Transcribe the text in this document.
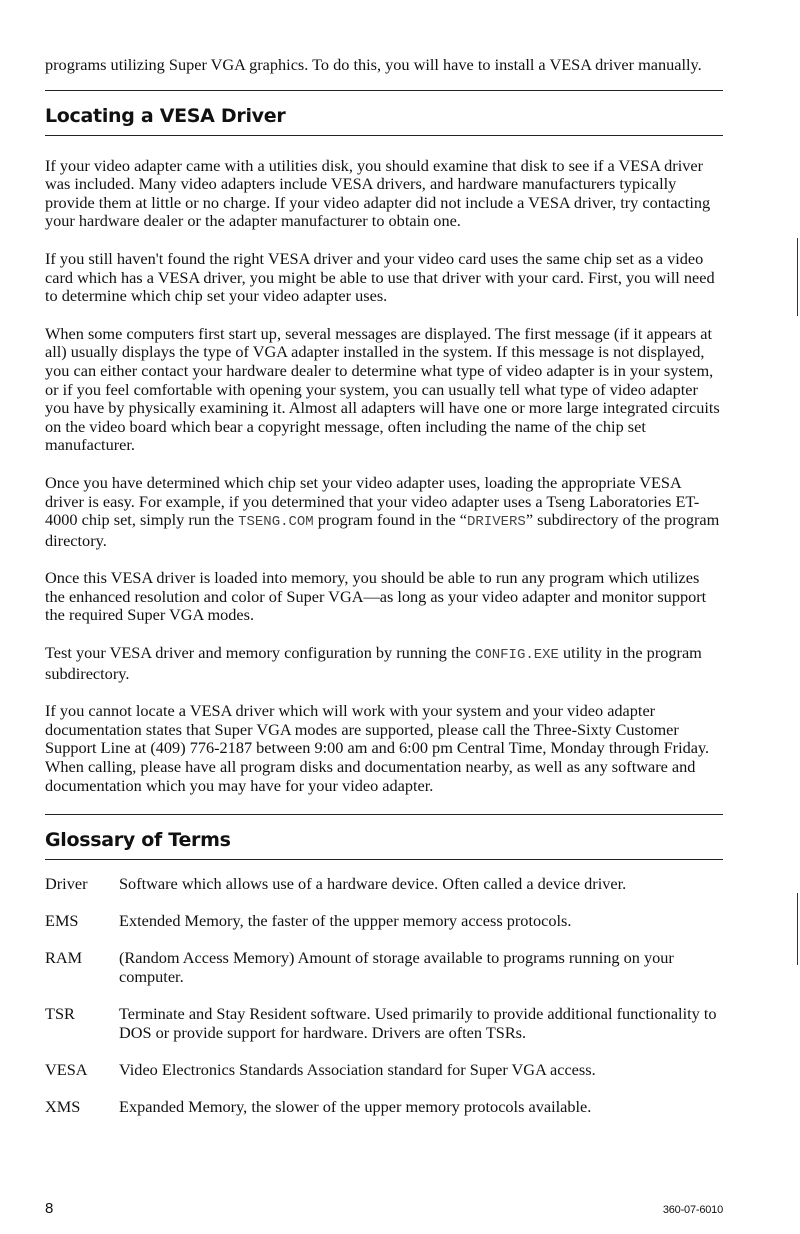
programs utilizing Super VGA graphics. To do this, you will have to install a VESA driver manually.

Locating a VESA Driver

If your video adapter came with a utilities disk, you should examine that disk to see if a VESA driver was included. Many video adapters include VESA drivers, and hardware manufacturers typically provide them at little or no charge. If your video adapter did not include a VESA driver, try contacting your hardware dealer or the adapter manufacturer to obtain one.

If you still haven't found the right VESA driver and your video card uses the same chip set as a video card which has a VESA driver, you might be able to use that driver with your card. First, you will need to determine which chip set your video adapter uses.

When some computers first start up, several messages are displayed. The first message (if it appears at all) usually displays the type of VGA adapter installed in the system. If this message is not displayed, you can either contact your hardware dealer to determine what type of video adapter is in your system, or if you feel comfortable with opening your system, you can usually tell what type of video adapter you have by physically examining it. Almost all adapters will have one or more large integrated circuits on the video board which bear a copyright message, often including the name of the chip set manufacturer.

Once you have determined which chip set your video adapter uses, loading the appropriate VESA driver is easy. For example, if you determined that your video adapter uses a Tseng Laboratories ET-4000 chip set, simply run the TSENG.COM program found in the “DRIVERS” subdirectory of the program directory.

Once this VESA driver is loaded into memory, you should be able to run any program which utilizes the enhanced resolution and color of Super VGA—as long as your video adapter and monitor support the required Super VGA modes.

Test your VESA driver and memory configuration by running the CONFIG.EXE utility in the program subdirectory.

If you cannot locate a VESA driver which will work with your system and your video adapter documentation states that Super VGA modes are supported, please call the Three-Sixty Customer Support Line at (409) 776-2187 between 9:00 am and 6:00 pm Central Time, Monday through Friday. When calling, please have all program disks and documentation nearby, as well as any software and documentation which you may have for your video adapter.

Glossary of Terms
Driver	Software which allows use of a hardware device. Often called a device driver.
EMS	Extended Memory, the faster of the uppper memory access protocols.
RAM	(Random Access Memory) Amount of storage available to programs running on your computer.
TSR	Terminate and Stay Resident software. Used primarily to provide additional functionality to DOS or provide support for hardware. Drivers are often TSRs.
VESA	Video Electronics Standards Association standard for Super VGA access.
XMS	Expanded Memory, the slower of the upper memory protocols available.
8	360-07-6010
